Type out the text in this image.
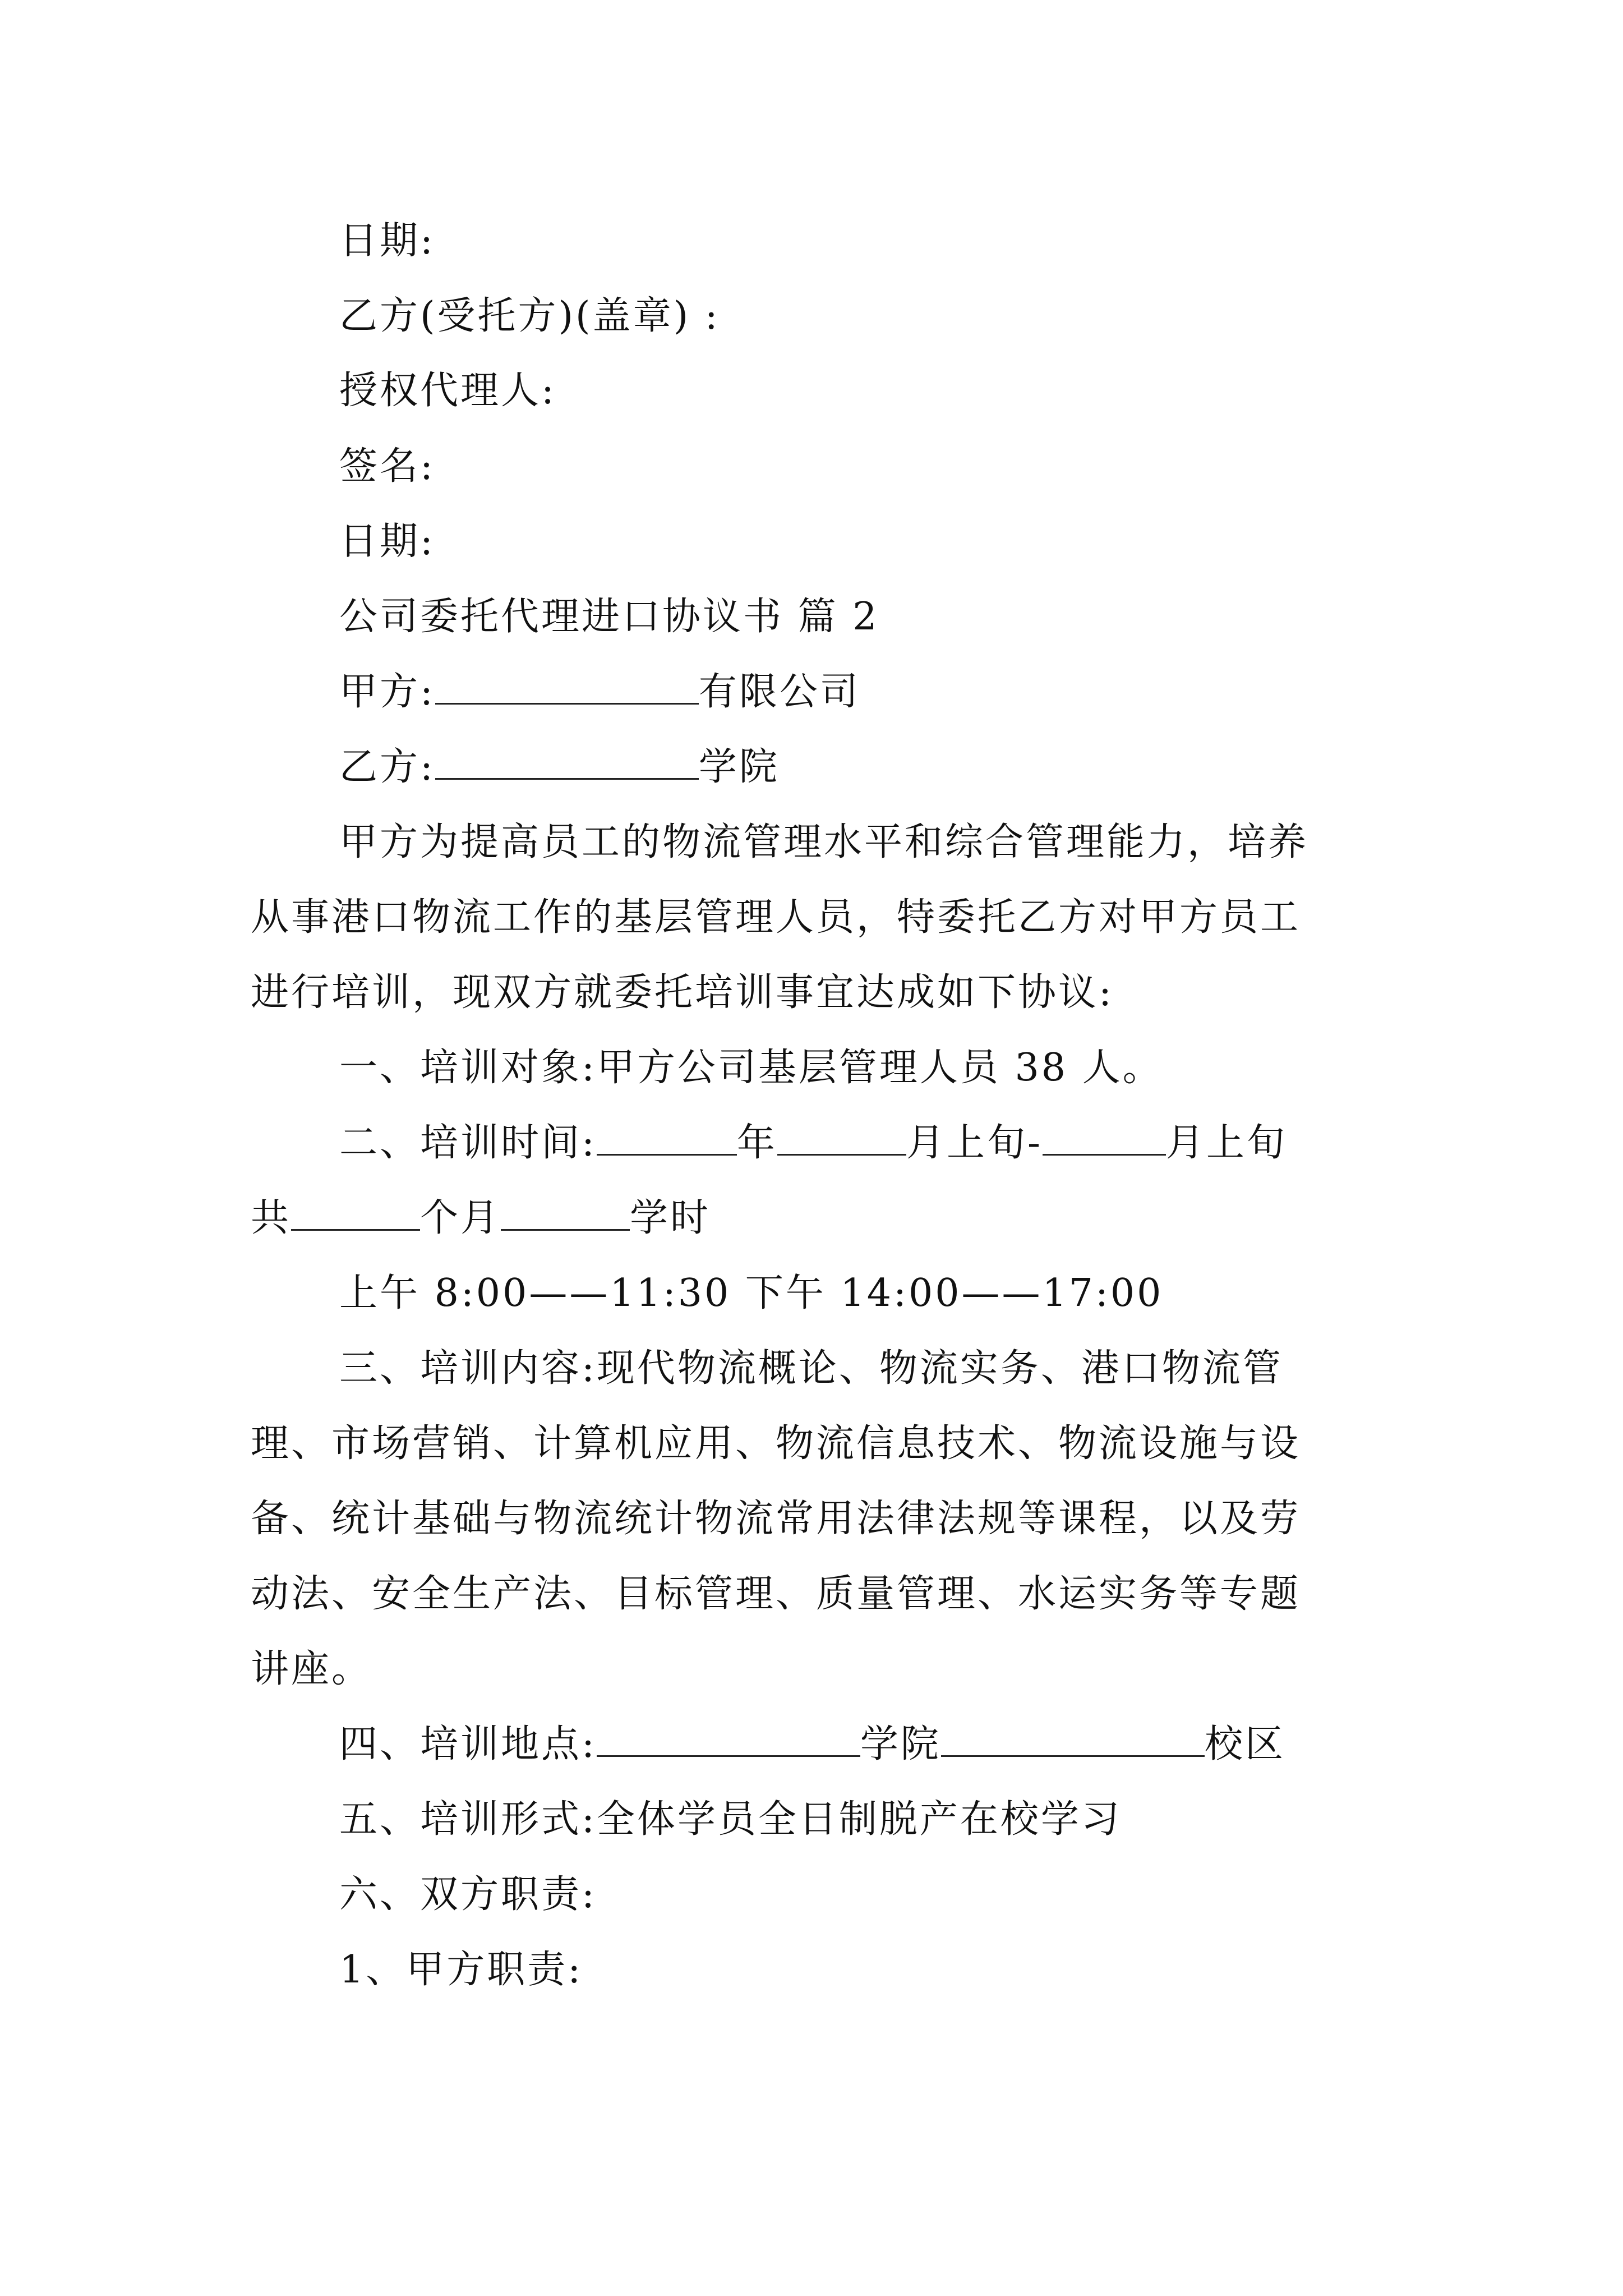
日期:
乙方(受托方)(盖章) :
授权代理人:
签名:
日期:
公司委托代理进口协议书 篇 2
甲方:	有限公司
乙方:	学院
甲方为提高员工的物流管理水平和综合管理能力，培养
从事港口物流工作的基层管理人员，特委托乙方对甲方员工
进行培训，现双方就委托培训事宜达成如下协议:
一、培训对象:甲方公司基层管理人员 38 人。
二、培训时间:	年	月上旬-	月上旬
共	个月	学时
上午 8:00——11:30 下午 14:00——17:00
三、培训内容:现代物流概论、物流实务、港口物流管
理、市场营销、计算机应用、物流信息技术、物流设施与设
备、统计基础与物流统计物流常用法律法规等课程，以及劳
动法、安全生产法、目标管理、质量管理、水运实务等专题
讲座。
四、培训地点:	学院	校区
五、培训形式:全体学员全日制脱产在校学习
六、双方职责:
1、甲方职责:
